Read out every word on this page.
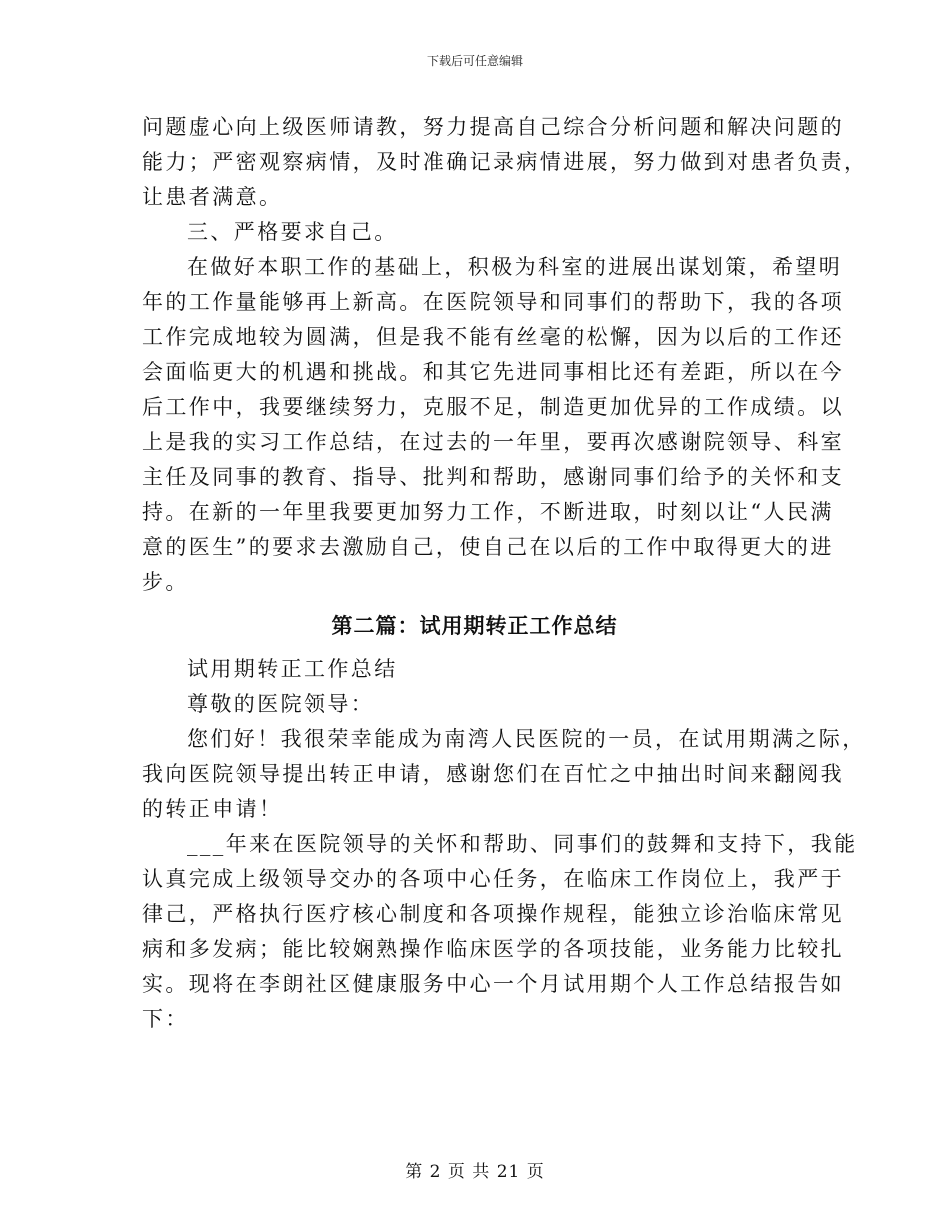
下载后可任意编辑
问题虚心向上级医师请教，努力提高自己综合分析问题和解决问题的
能力；严密观察病情，及时准确记录病情进展，努力做到对患者负责，
让患者满意。
三、严格要求自己。
在做好本职工作的基础上，积极为科室的进展出谋划策，希望明
年的工作量能够再上新高。在医院领导和同事们的帮助下，我的各项
工作完成地较为圆满，但是我不能有丝毫的松懈，因为以后的工作还
会面临更大的机遇和挑战。和其它先进同事相比还有差距，所以在今
后工作中，我要继续努力，克服不足，制造更加优异的工作成绩。以
上是我的实习工作总结，在过去的一年里，要再次感谢院领导、科室
主任及同事的教育、指导、批判和帮助，感谢同事们给予的关怀和支
持。在新的一年里我要更加努力工作，不断进取，时刻以让“人民满
意的医生”的要求去激励自己，使自己在以后的工作中取得更大的进
步。
第二篇：试用期转正工作总结
试用期转正工作总结
尊敬的医院领导：
您们好！我很荣幸能成为南湾人民医院的一员，在试用期满之际，
我向医院领导提出转正申请，感谢您们在百忙之中抽出时间来翻阅我
的转正申请！
___年来在医院领导的关怀和帮助、同事们的鼓舞和支持下，我能
认真完成上级领导交办的各项中心任务，在临床工作岗位上，我严于
律己，严格执行医疗核心制度和各项操作规程，能独立诊治临床常见
病和多发病；能比较娴熟操作临床医学的各项技能，业务能力比较扎
实。现将在李朗社区健康服务中心一个月试用期个人工作总结报告如
下：
第 2 页 共 21 页
